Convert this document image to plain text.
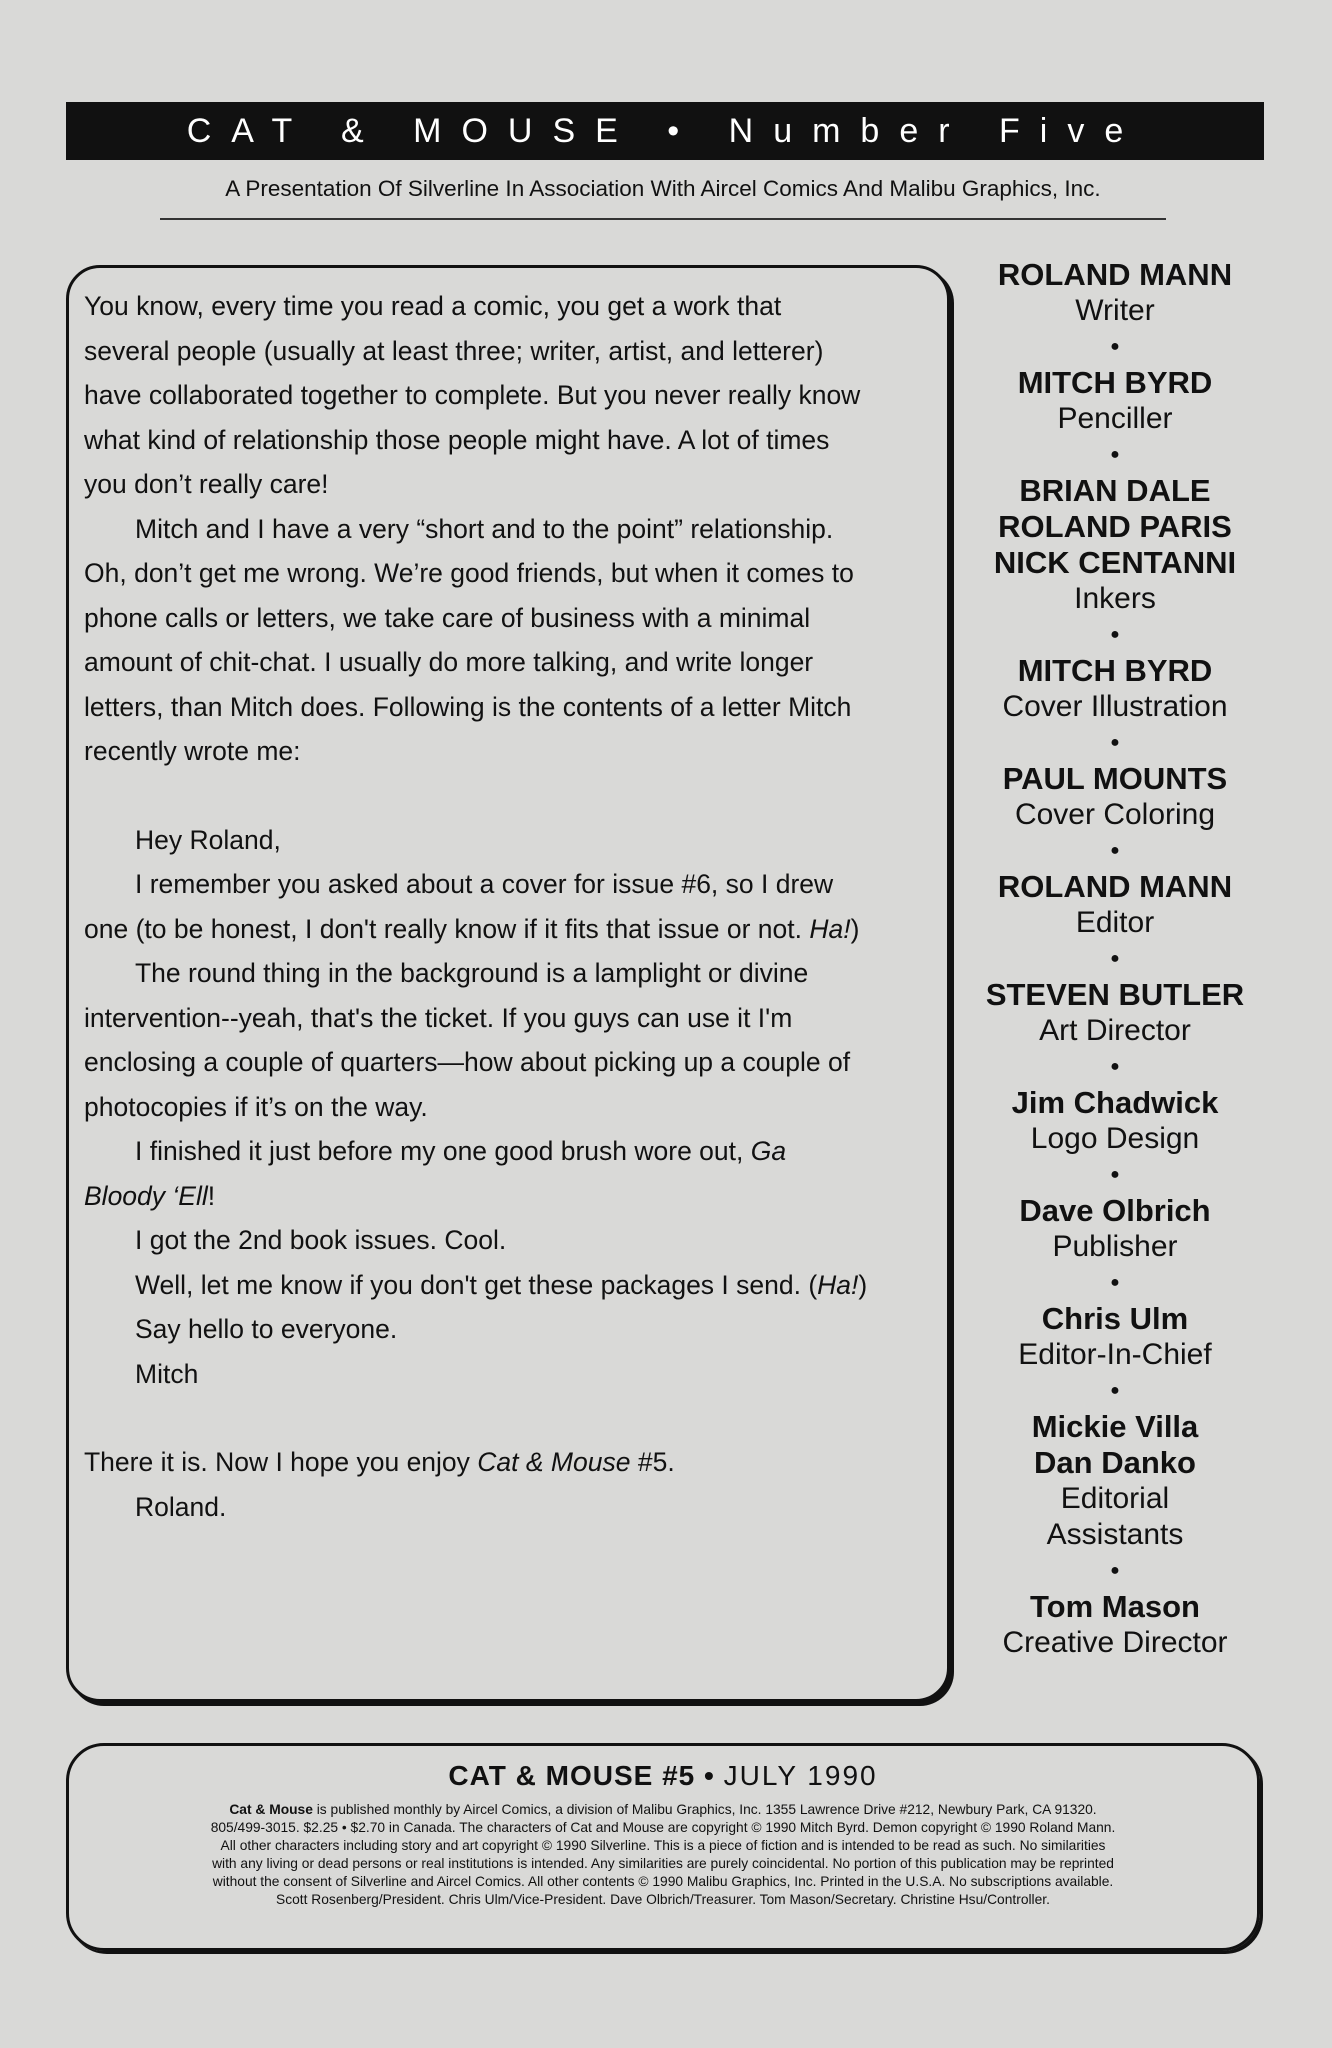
CAT & MOUSE • Number Five
A Presentation Of Silverline In Association With Aircel Comics And Malibu Graphics, Inc.

You know, every time you read a comic, you get a work that

several people (usually at least three; writer, artist, and letterer)

have collaborated together to complete. But you never really know

what kind of relationship those people might have. A lot of times

you don’t really care!

Mitch and I have a very “short and to the point” relationship.

Oh, don’t get me wrong. We’re good friends, but when it comes to

phone calls or letters, we take care of business with a minimal

amount of chit-chat. I usually do more talking, and write longer

letters, than Mitch does. Following is the contents of a letter Mitch

recently wrote me:

Hey Roland,

I remember you asked about a cover for issue #6, so I drew

one (to be honest, I don't really know if it fits that issue or not. Ha!)

The round thing in the background is a lamplight or divine

intervention--yeah, that's the ticket. If you guys can use it I'm

enclosing a couple of quarters—how about picking up a couple of

photocopies if it’s on the way.

I finished it just before my one good brush wore out, Ga

Bloody ‘Ell!

I got the 2nd book issues. Cool.

Well, let me know if you don't get these packages I send. (Ha!)

Say hello to everyone.

Mitch

There it is. Now I hope you enjoy Cat & Mouse #5.

Roland.

ROLAND MANN
Writer
●
MITCH BYRD
Penciller
●
BRIAN DALE
ROLAND PARIS
NICK CENTANNI
Inkers
●
MITCH BYRD
Cover Illustration
●
PAUL MOUNTS
Cover Coloring
●
ROLAND MANN
Editor
●
STEVEN BUTLER
Art Director
●
Jim Chadwick
Logo Design
●
Dave Olbrich
Publisher
●
Chris Ulm
Editor-In-Chief
●
Mickie Villa
Dan Danko
Editorial
Assistants
●
Tom Mason
Creative Director
CAT & MOUSE #5 • JULY 1990
Cat & Mouse is published monthly by Aircel Comics, a division of Malibu Graphics, Inc. 1355 Lawrence Drive #212, Newbury Park, CA 91320.
805/499-3015. $2.25 • $2.70 in Canada. The characters of Cat and Mouse are copyright © 1990 Mitch Byrd. Demon copyright © 1990 Roland Mann.
All other characters including story and art copyright © 1990 Silverline. This is a piece of fiction and is intended to be read as such. No similarities
with any living or dead persons or real institutions is intended. Any similarities are purely coincidental. No portion of this publication may be reprinted
without the consent of Silverline and Aircel Comics. All other contents © 1990 Malibu Graphics, Inc. Printed in the U.S.A. No subscriptions available.
Scott Rosenberg/President. Chris Ulm/Vice-President. Dave Olbrich/Treasurer. Tom Mason/Secretary. Christine Hsu/Controller.
